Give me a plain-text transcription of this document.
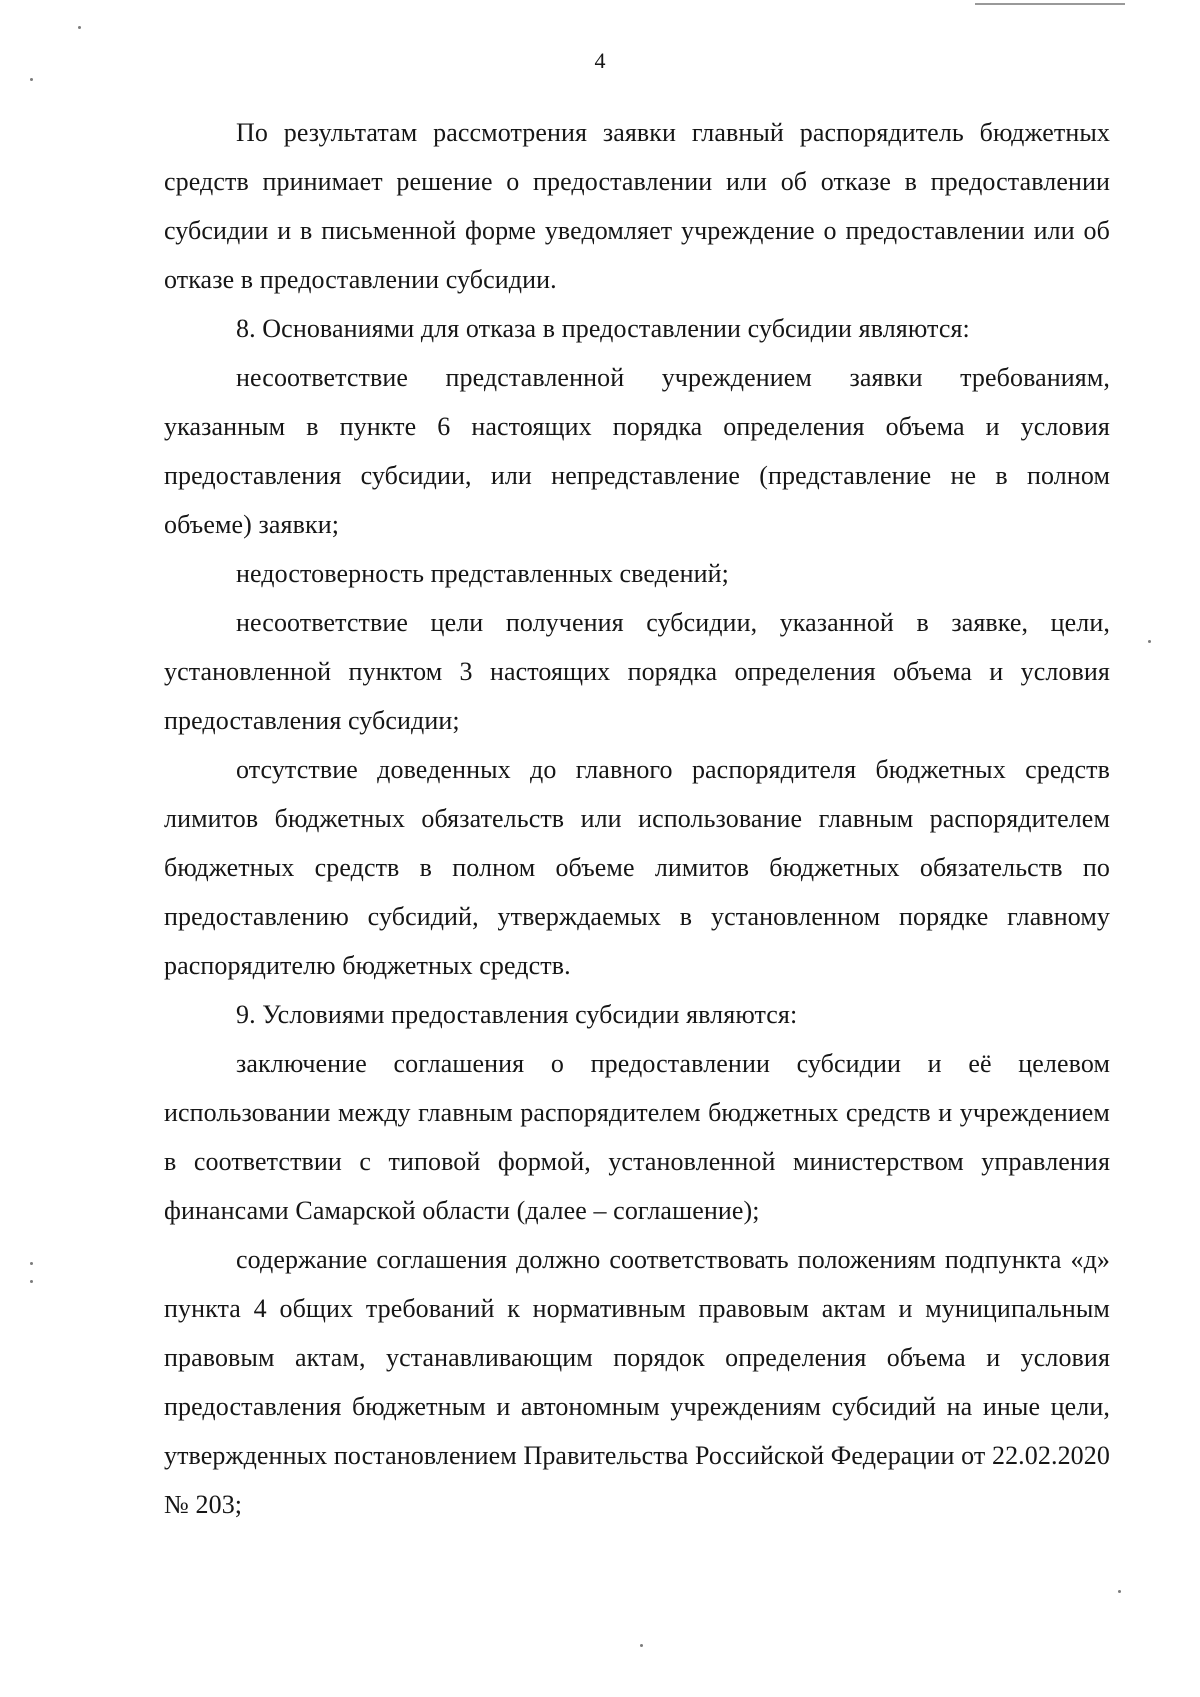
4

По результатам рассмотрения заявки главный распорядитель бюджетных средств принимает решение о предоставлении или об отказе в предоставлении субсидии и в письменной форме уведомляет учреждение о предоставлении или об отказе в предоставлении субсидии.

8. Основаниями для отказа в предоставлении субсидии являются:

несоответствие представленной учреждением заявки требованиям, указанным в пункте 6 настоящих порядка определения объема и условия предоставления субсидии, или непредставление (представление не в полном объеме) заявки;

недостоверность представленных сведений;

несоответствие цели получения субсидии, указанной в заявке, цели, установленной пунктом 3 настоящих порядка определения объема и условия предоставления субсидии;

отсутствие доведенных до главного распорядителя бюджетных средств лимитов бюджетных обязательств или использование главным распорядителем бюджетных средств в полном объеме лимитов бюджетных обязательств по предоставлению субсидий, утверждаемых в установленном порядке главному распорядителю бюджетных средств.

9. Условиями предоставления субсидии являются:

заключение соглашения о предоставлении субсидии и её целевом использовании между главным распорядителем бюджетных средств и учреждением в соответствии с типовой формой, установленной министерством управления финансами Самарской области (далее – соглашение);

содержание соглашения должно соответствовать положениям подпункта «д» пункта 4 общих требований к нормативным правовым актам и муниципальным правовым актам, устанавливающим порядок определения объема и условия предоставления бюджетным и автономным учреждениям субсидий на иные цели, утвержденных постановлением Правительства Российской Федерации от 22.02.2020 № 203;
